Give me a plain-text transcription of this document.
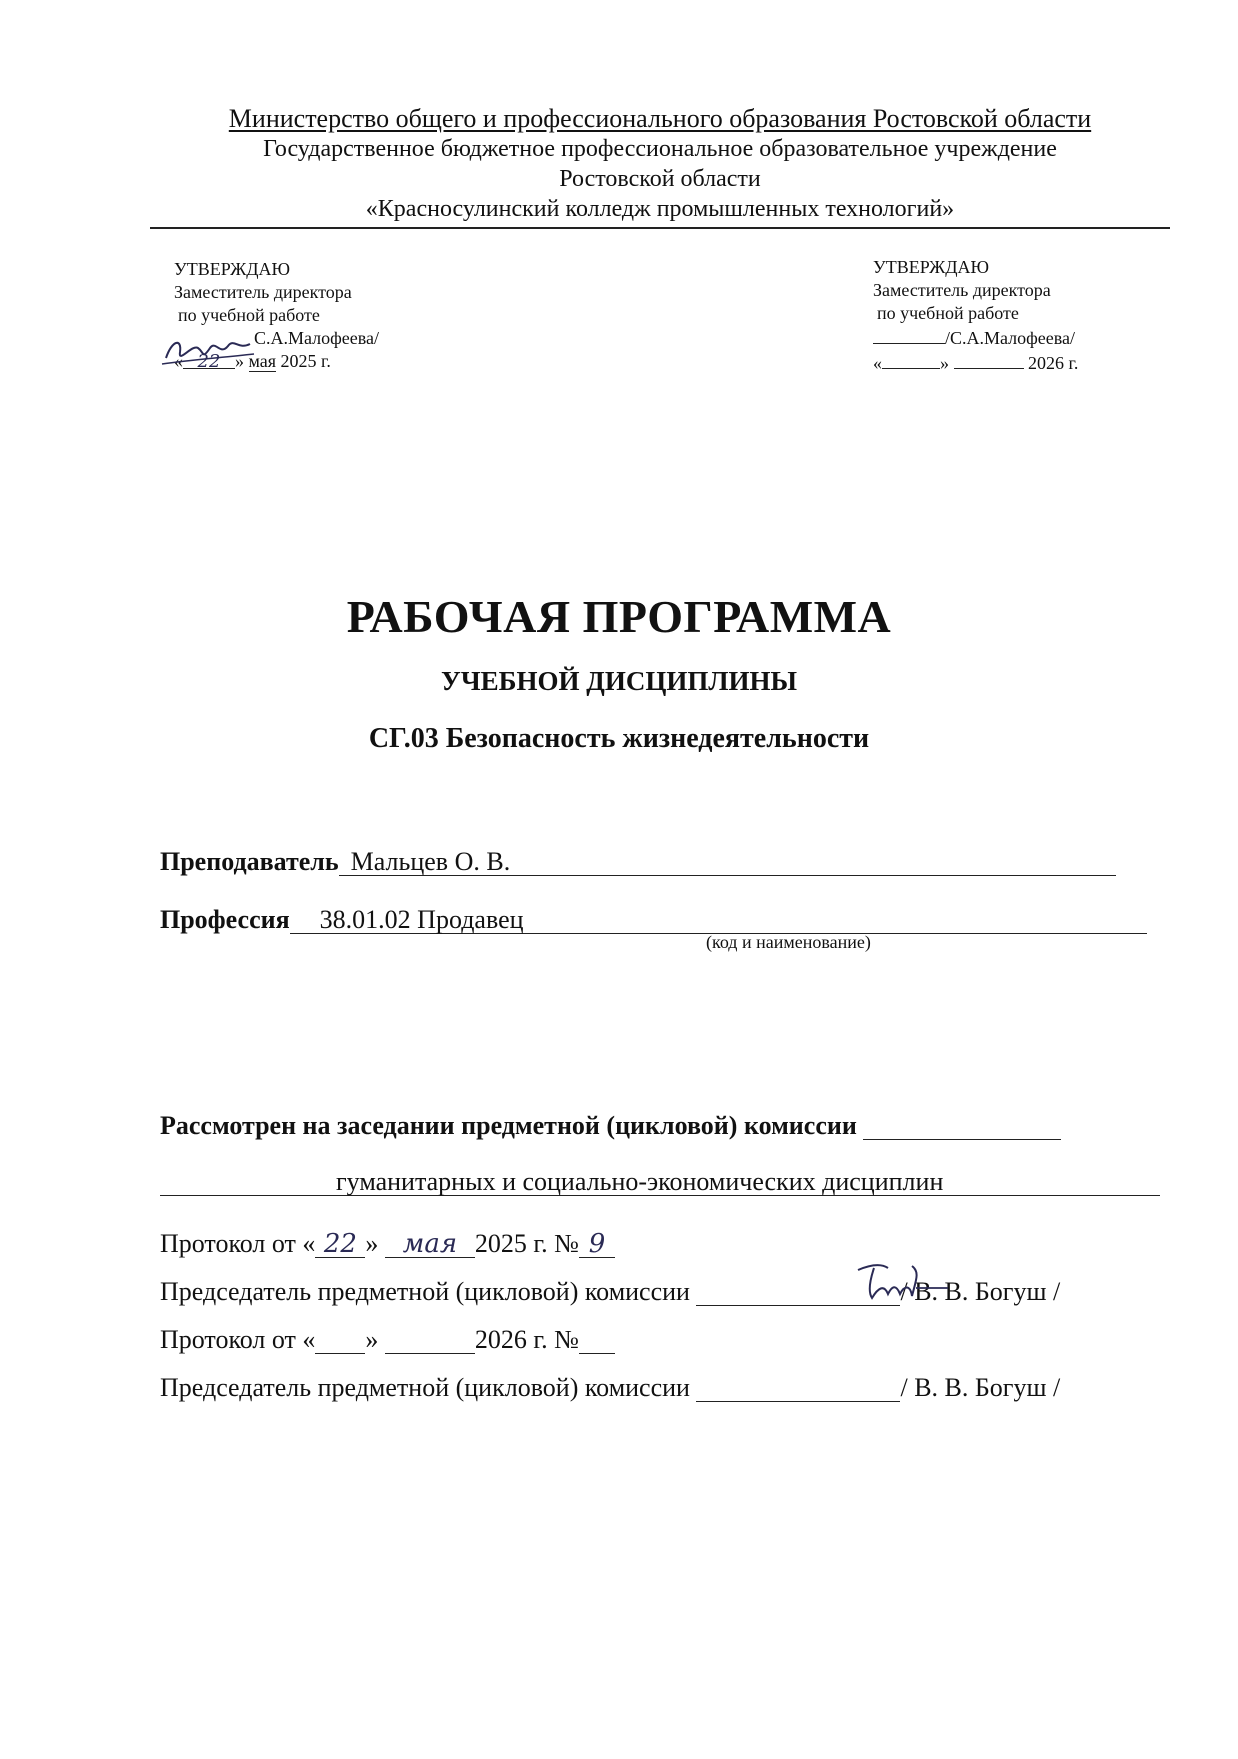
Министерство общего и профессионального образования Ростовской области
Государственное бюджетное профессиональное образовательное учреждение
Ростовской области
«Красносулинский колледж промышленных технологий»
УТВЕРЖДАЮ
Заместитель директора
по учебной работе
С.А.Малофеева/
« 22 » мая 2025 г.
УТВЕРЖДАЮ
Заместитель директора
по учебной работе
/С.А.Малофеева/
«	»	2026 г.
РАБОЧАЯ ПРОГРАММА
УЧЕБНОЙ ДИСЦИПЛИНЫ
СГ.03 Безопасность жизнедеятельности
Преподаватель Мальцев О. В.
Профессия 38.01.02 Продавец
(код и наименование)
Рассмотрен на заседании предметной (цикловой) комиссии
гуманитарных и социально-экономических дисциплин
Протокол от « 22 » мая 2025 г. № 9
Председатель предметной (цикловой) комиссии	/ В. В. Богуш /
Протокол от « »	2026 г. №
Председатель предметной (цикловой) комиссии	/ В. В. Богуш /
